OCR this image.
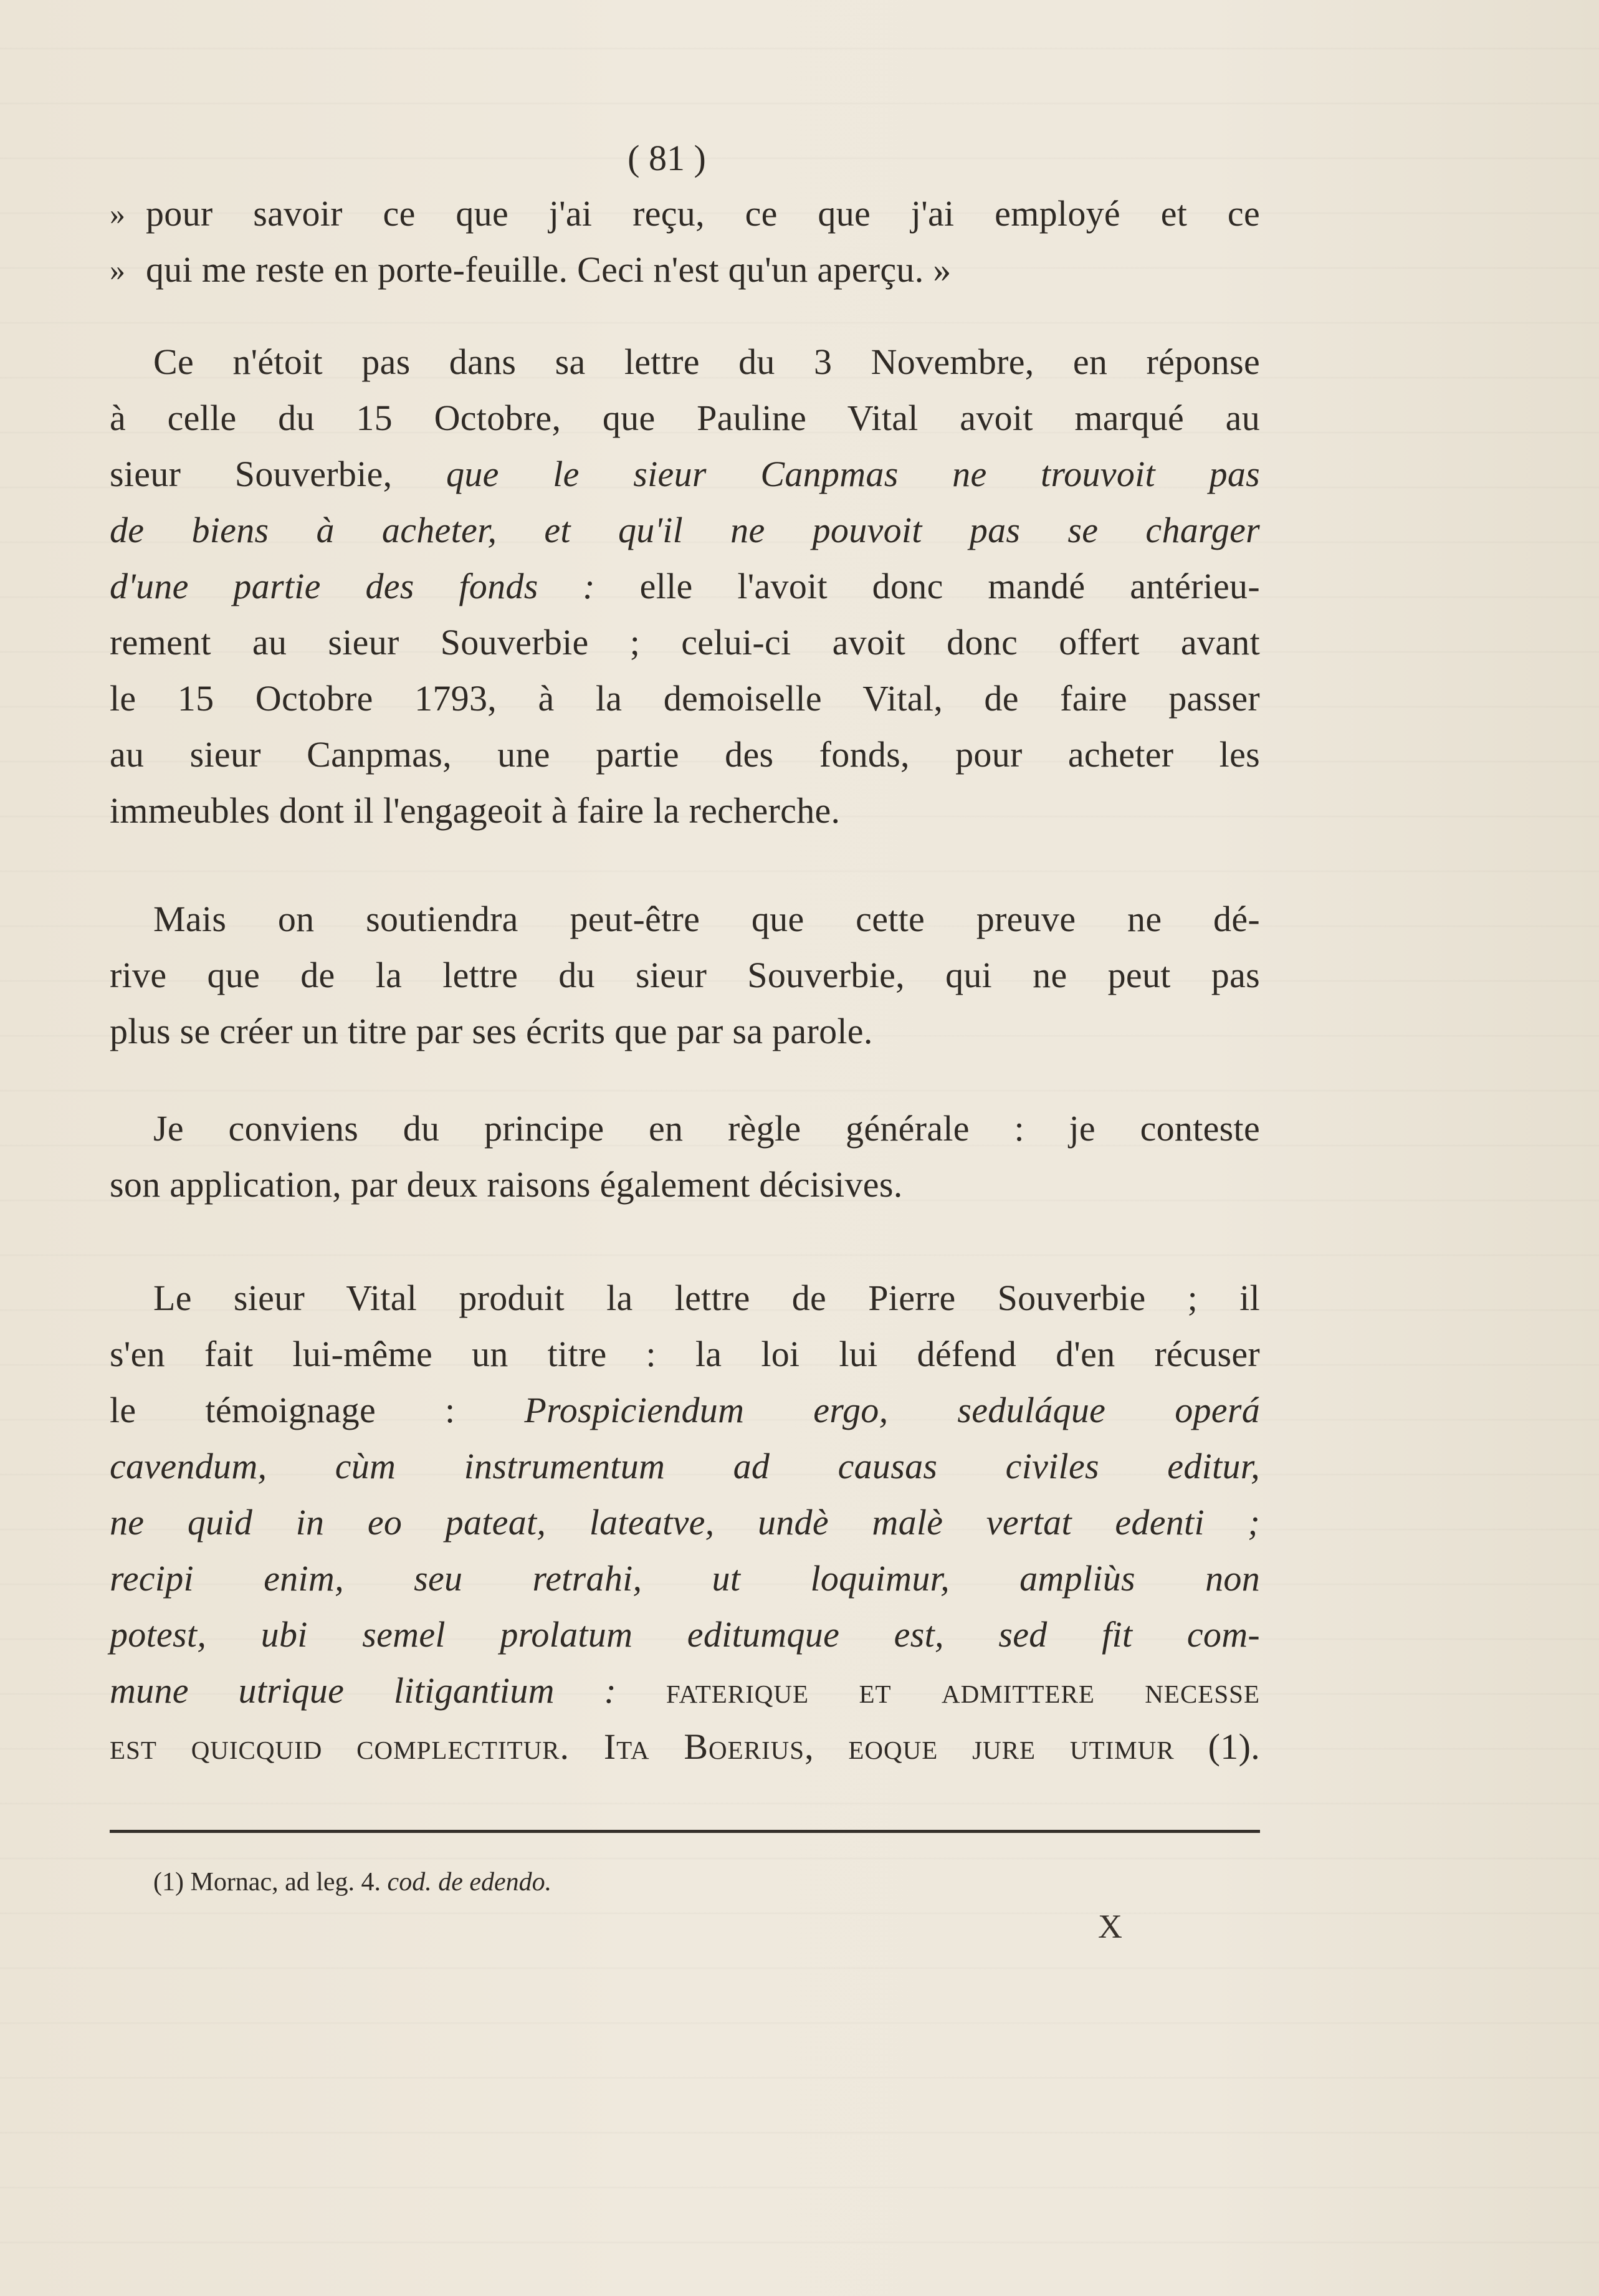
( 81 )
» pour savoir ce que j'ai reçu, ce que j'ai employé et ce
» qui me reste en porte-feuille. Ceci n'est qu'un aperçu. »
Ce n'étoit pas dans sa lettre du 3 Novembre, en réponse
à celle du 15 Octobre, que Pauline Vital avoit marqué au
sieur Souverbie, que le sieur Canpmas ne trouvoit pas
de biens à acheter, et qu'il ne pouvoit pas se charger
d'une partie des fonds : elle l'avoit donc mandé antérieu-
rement au sieur Souverbie ; celui-ci avoit donc offert avant
le 15 Octobre 1793, à la demoiselle Vital, de faire passer
au sieur Canpmas, une partie des fonds, pour acheter les
immeubles dont il l'engageoit à faire la recherche.
Mais on soutiendra peut-être que cette preuve ne dé-
rive que de la lettre du sieur Souverbie, qui ne peut pas
plus se créer un titre par ses écrits que par sa parole.
Je conviens du principe en règle générale : je conteste
son application, par deux raisons également décisives.
Le sieur Vital produit la lettre de Pierre Souverbie ; il
s'en fait lui-même un titre : la loi lui défend d'en récuser
le témoignage : Prospiciendum ergo, seduláque operá
cavendum, cùm instrumentum ad causas civiles editur,
ne quid in eo pateat, lateatve, undè malè vertat edenti ;
recipi enim, seu retrahi, ut loquimur, ampliùs non
potest, ubi semel prolatum editumque est, sed fit com-
mune utrique litigantium : faterique et admittere necesse
est quicquid complectitur. Ita Boerius, eoque jure utimur (1).
(1) Mornac, ad leg. 4. cod. de edendo.
X
